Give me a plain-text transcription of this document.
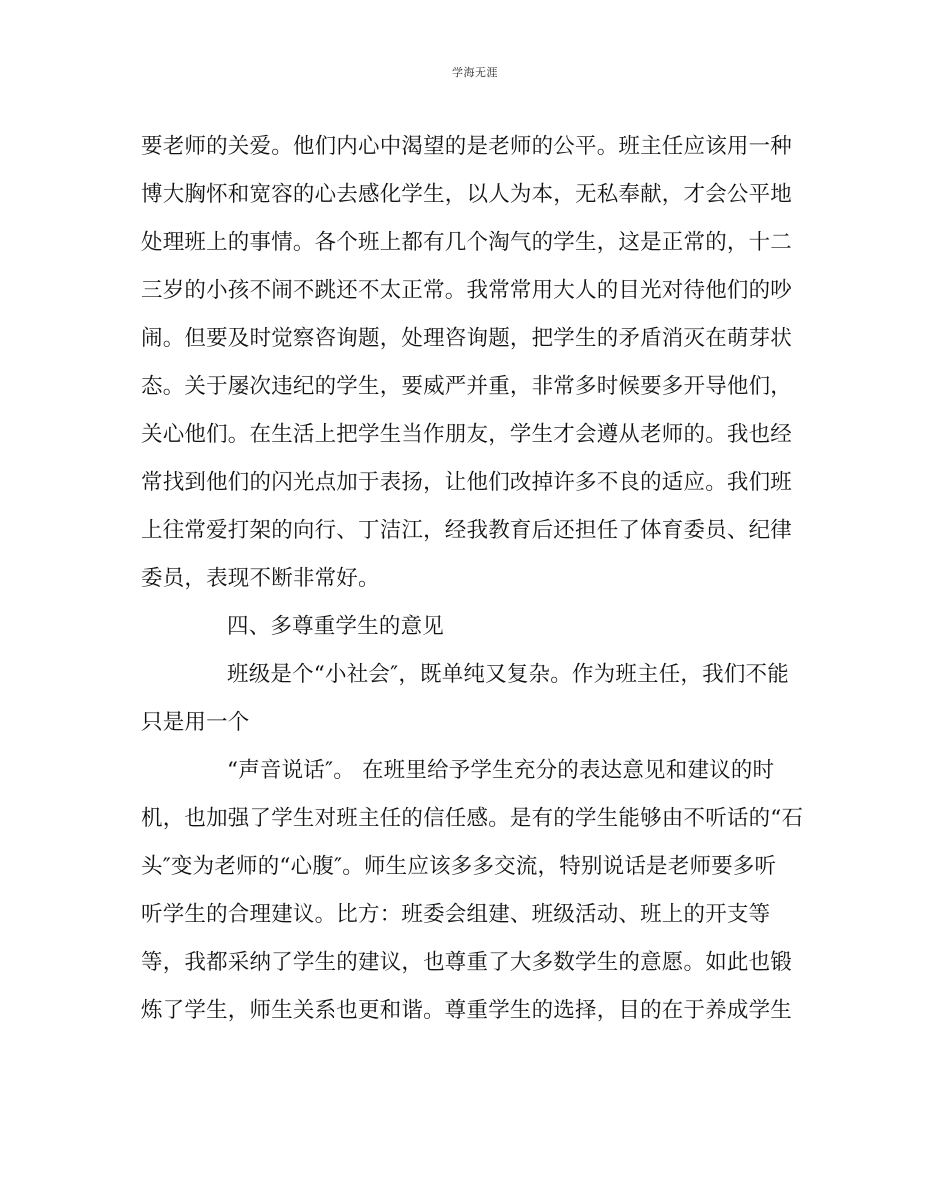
学海无涯
要老师的关爱。他们内心中渴望的是老师的公平。班主任应该用一种
博大胸怀和宽容的心去感化学生，以人为本，无私奉献，才会公平地
处理班上的事情。各个班上都有几个淘气的学生，这是正常的，十二
三岁的小孩不闹不跳还不太正常。我常常用大人的目光对待他们的吵
闹。但要及时觉察咨询题，处理咨询题，把学生的矛盾消灭在萌芽状
态。关于屡次违纪的学生，要威严并重，非常多时候要多开导他们，
关心他们。在生活上把学生当作朋友，学生才会遵从老师的。我也经
常找到他们的闪光点加于表扬，让他们改掉许多不良的适应。我们班
上往常爱打架的向行、丁洁江，经我教育后还担任了体育委员、纪律
委员，表现不断非常好。
四、多尊重学生的意见
班级是个“小社会″，既单纯又复杂。作为班主任，我们不能
只是用一个
“声音说话″。 在班里给予学生充分的表达意见和建议的时
机，也加强了学生对班主任的信任感。是有的学生能够由不听话的“石
头″变为老师的“心腹″。师生应该多多交流，特别说话是老师要多听
听学生的合理建议。比方：班委会组建、班级活动、班上的开支等
等，我都采纳了学生的建议，也尊重了大多数学生的意愿。如此也锻
炼了学生，师生关系也更和谐。尊重学生的选择，目的在于养成学生
